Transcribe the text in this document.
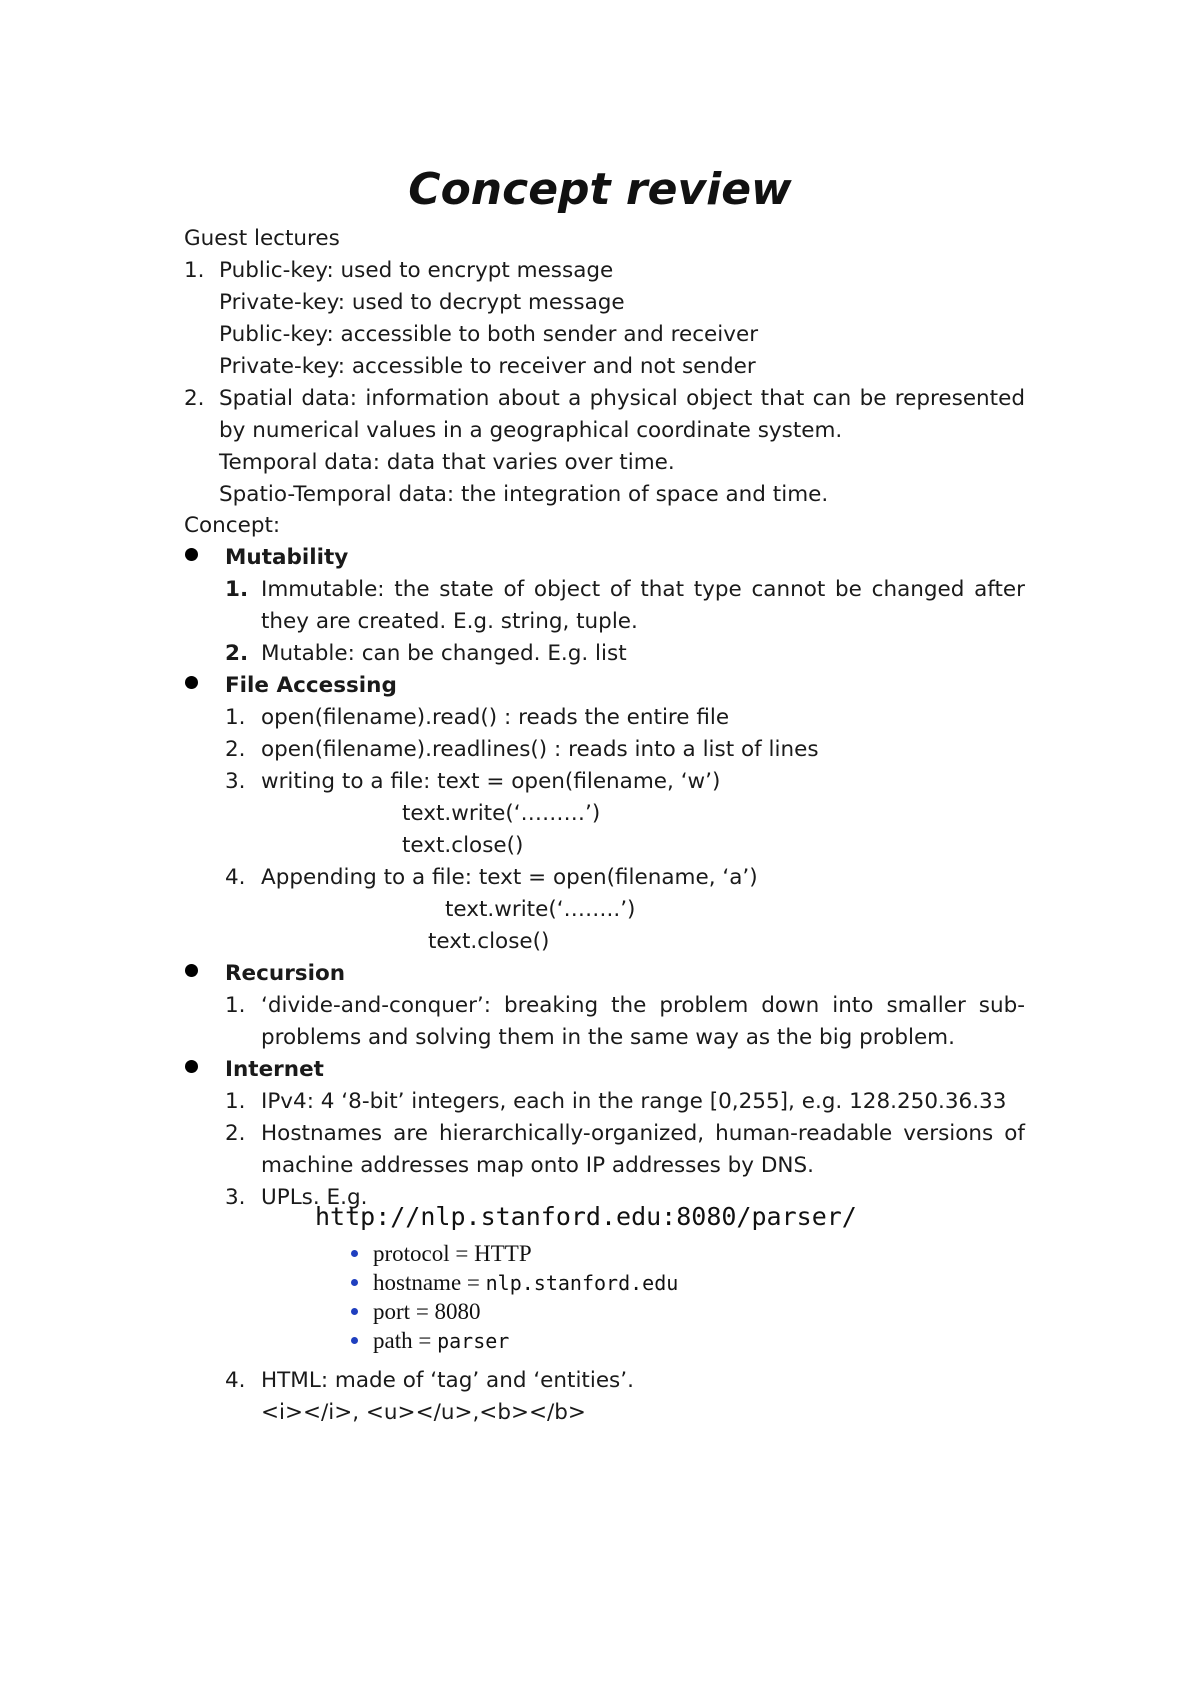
Concept review
Guest lectures
1. Public-key: used to encrypt message
Private-key: used to decrypt message
Public-key: accessible to both sender and receiver
Private-key: accessible to receiver and not sender
2. Spatial data: information about a physical object that can be represented
by numerical values in a geographical coordinate system.
Temporal data: data that varies over time.
Spatio-Temporal data: the integration of space and time.
Concept:
Mutability
1. Immutable: the state of object of that type cannot be changed after
they are created. E.g. string, tuple.
2. Mutable: can be changed. E.g. list
File Accessing
1. open(filename).read() : reads the entire file
2. open(filename).readlines() : reads into a list of lines
3. writing to a file: text = open(filename, ‘w’)
text.write(‘………’)
text.close()
4. Appending to a file: text = open(filename, ‘a’)
text.write(‘……..’)
text.close()
Recursion
1. ‘divide-and-conquer’: breaking the problem down into smaller sub-
problems and solving them in the same way as the big problem.
Internet
1. IPv4: 4 ‘8-bit’ integers, each in the range [0,255], e.g. 128.250.36.33
2. Hostnames are hierarchically-organized, human-readable versions of
machine addresses map onto IP addresses by DNS.
3. UPLs. E.g.
http://nlp.stanford.edu:8080/parser/
protocol = HTTP
hostname = nlp.stanford.edu
port = 8080
path = parser
4. HTML: made of ‘tag’ and ‘entities’.
<i></i>, <u></u>,<b></b>
